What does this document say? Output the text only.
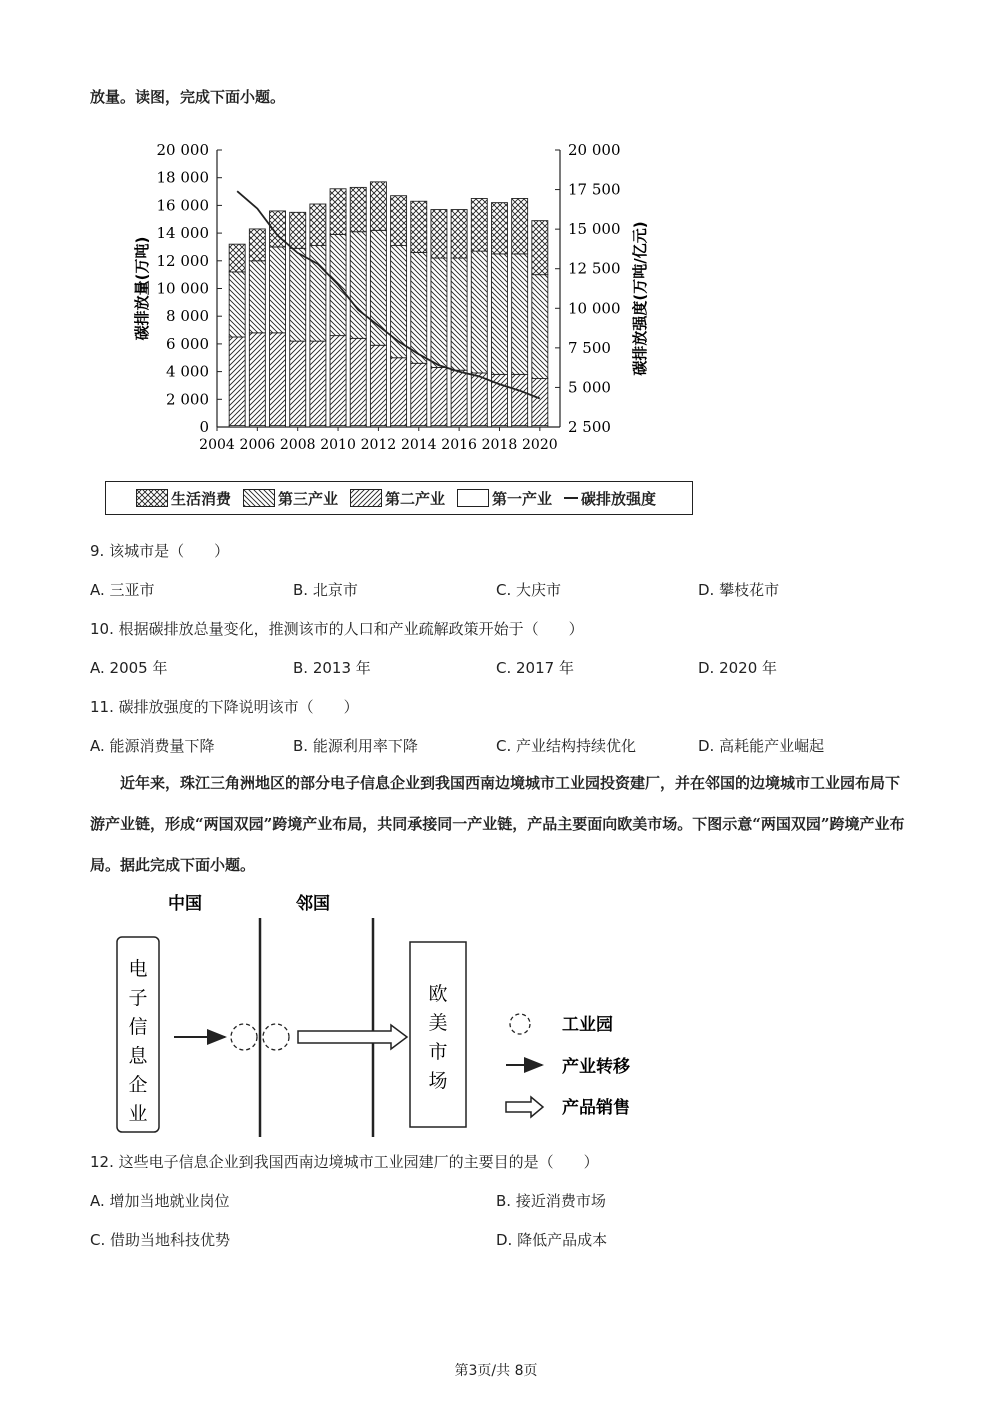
放量。读图，完成下面小题。
0
2 000
4 000
6 000
8 000
10 000
12 000
14 000
16 000
18 000
20 000
2 500
5 000
7 500
10 000
12 500
15 000
17 500
20 000
2004 2006 2008 2010 2012 2014 2016 2018 2020
碳排放量(万吨)	碳排放强度(万吨/亿元)
生活消费	第三产业	第二产业	第一产业 碳排放强度
9. 该城市是（　　）
A. 三亚市	B. 北京市	C. 大庆市	D. 攀枝花市
10. 根据碳排放总量变化，推测该市的人口和产业疏解政策开始于（　　）
A. 2005 年	B. 2013 年	C. 2017 年	D. 2020 年
11. 碳排放强度的下降说明该市（　　）
A. 能源消费量下降	B. 能源利用率下降	C. 产业结构持续优化	D. 高耗能产业崛起
近年来，珠江三角洲地区的部分电子信息企业到我国西南边境城市工业园投资建厂，并在邻国的边境城市工业园布局下游产业链，形成“两国双园”跨境产业布局，共同承接同一产业链，产品主要面向欧美市场。下图示意“两国双园”跨境产业布局。据此完成下面小题。
中国	邻国
电
子
信
息
企
业
欧
美
市
场
工业园
产业转移
产品销售
12. 这些电子信息企业到我国西南边境城市工业园建厂的主要目的是（　　）
A. 增加当地就业岗位	B. 接近消费市场
C. 借助当地科技优势	D. 降低产品成本
第3页/共 8页
